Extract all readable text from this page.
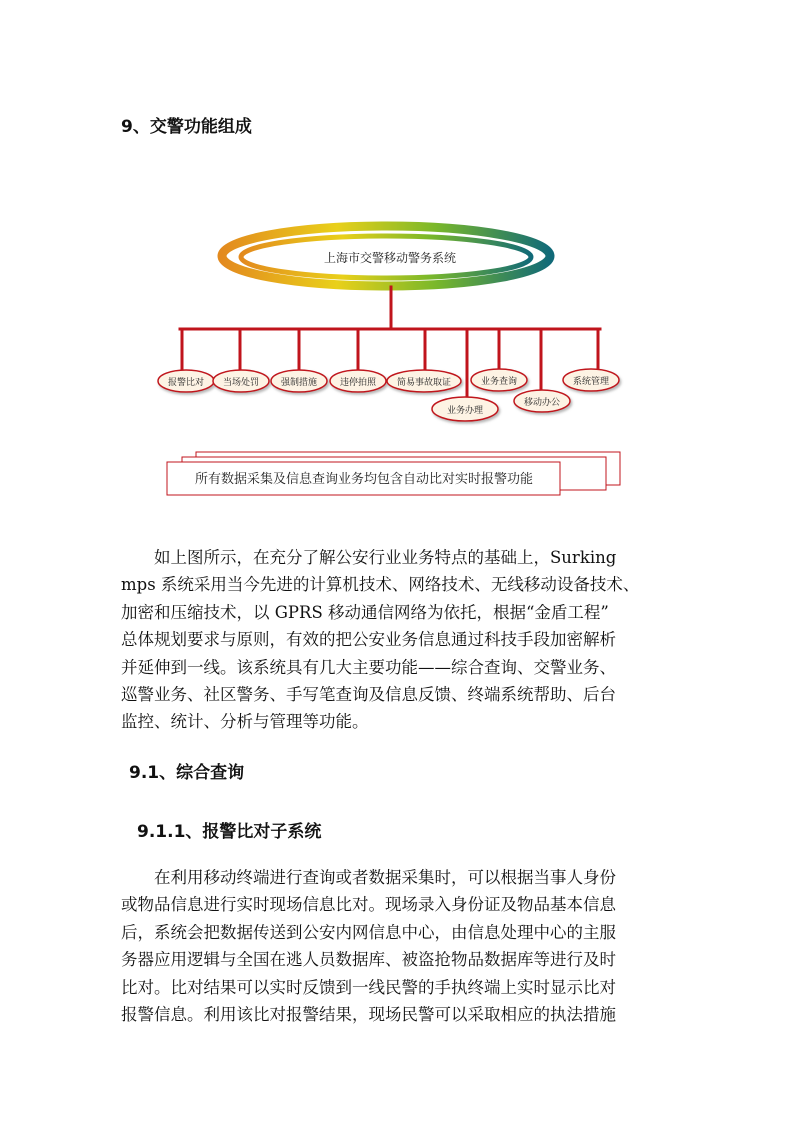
9、交警功能组成
上海市交警移动警务系统
报警比对 当场处罚 强制措施	违停拍照 简易事故取证
业务办理
业务查询
移动办公
系统管理
所有数据采集及信息查询业务均包含自动比对实时报警功能
如上图所示，在充分了解公安行业业务特点的基础上，Surking
mps 系统采用当今先进的计算机技术、网络技术、无线移动设备技术、
加密和压缩技术，以 GPRS 移动通信网络为依托，根据“金盾工程”
总体规划要求与原则，有效的把公安业务信息通过科技手段加密解析
并延伸到一线。该系统具有几大主要功能——综合查询、交警业务、
巡警业务、社区警务、手写笔查询及信息反馈、终端系统帮助、后台
监控、统计、分析与管理等功能。
9.1、综合查询
9.1.1、报警比对子系统
在利用移动终端进行查询或者数据采集时，可以根据当事人身份
或物品信息进行实时现场信息比对。现场录入身份证及物品基本信息
后，系统会把数据传送到公安内网信息中心，由信息处理中心的主服
务器应用逻辑与全国在逃人员数据库、被盗抢物品数据库等进行及时
比对。比对结果可以实时反馈到一线民警的手执终端上实时显示比对
报警信息。利用该比对报警结果，现场民警可以采取相应的执法措施
